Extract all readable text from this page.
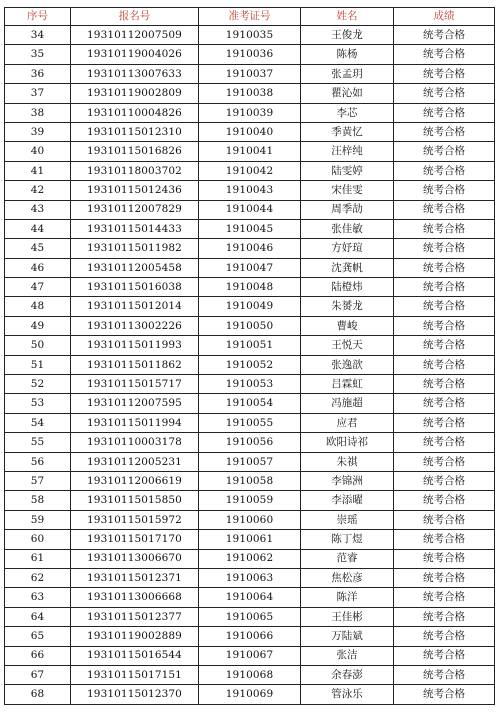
序号	报名号	准考证号	姓名	成绩
34	19310112007509	1910035	王俊龙	统考合格
35	19310119004026	1910036	陈杨	统考合格
36	19310113007633	1910037	张孟玥	统考合格
37	19310119002809	1910038	瞿沁如	统考合格
38	19310110004826	1910039	李芯	统考合格
39	19310115012310	1910040	季黄忆	统考合格
40	19310115016826	1910041	汪梓纯	统考合格
41	19310118003702	1910042	陆雯婷	统考合格
42	19310115012436	1910043	宋佳雯	统考合格
43	19310112007829	1910044	周季劼	统考合格
44	19310115014433	1910045	张佳敏	统考合格
45	19310115011982	1910046	方妤瑄	统考合格
46	19310112005458	1910047	沈龚帆	统考合格
47	19310115016038	1910048	陆橙炜	统考合格
48	19310115012014	1910049	朱赟龙	统考合格
49	19310113002226	1910050	曹峻	统考合格
50	19310115011993	1910051	王悦天	统考合格
51	19310115011862	1910052	张逸歆	统考合格
52	19310115015717	1910053	吕霖虹	统考合格
53	19310112007595	1910054	冯施超	统考合格
54	19310115011994	1910055	应君	统考合格
55	19310110003178	1910056	欧阳诗祁	统考合格
56	19310112005231	1910057	朱祺	统考合格
57	19310112006619	1910058	李锦洲	统考合格
58	19310115015850	1910059	李添曜	统考合格
59	19310115015972	1910060	崇瑶	统考合格
60	19310115017170	1910061	陈丁煜	统考合格
61	19310113006670	1910062	范睿	统考合格
62	19310115012371	1910063	焦松彦	统考合格
63	19310113006668	1910064	陈洋	统考合格
64	19310115012377	1910065	王佳彬	统考合格
65	19310119002889	1910066	万陆斌	统考合格
66	19310115016544	1910067	张洁	统考合格
67	19310115017151	1910068	余春澎	统考合格
68	19310115012370	1910069	管泳乐	统考合格
